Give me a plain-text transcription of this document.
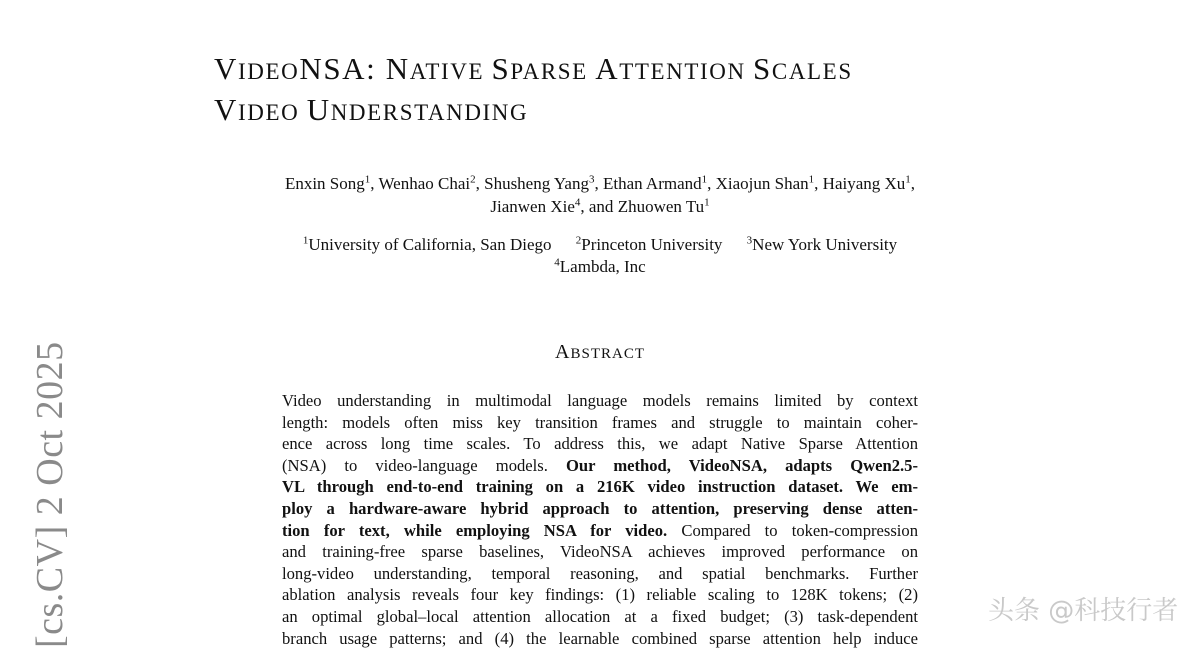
VIDEONSA: NATIVE SPARSE ATTENTION SCALES
VIDEO UNDERSTANDING
Enxin Song$^1$, Wenhao Chai$^2$, Shusheng Yang$^3$, Ethan Armand$^1$, Xiaojun Shan$^1$, Haiyang Xu$^1$,
Jianwen Xie$^4$, and Zhuowen Tu$^1$
$^1$University of California, San Diego $^2$Princeton University $^3$New York University
$^4$Lambda, Inc
ABSTRACT
Video understanding in multimodal language models remains limited by context
length: models often miss key transition frames and struggle to maintain coher-
ence across long time scales. To address this, we adapt Native Sparse Attention
(NSA) to video-language models. Our method, VideoNSA, adapts Qwen2.5-
VL through end-to-end training on a 216K video instruction dataset. We em-
ploy a hardware-aware hybrid approach to attention, preserving dense atten-
tion for text, while employing NSA for video. Compared to token-compression
and training-free sparse baselines, VideoNSA achieves improved performance on
long-video understanding, temporal reasoning, and spatial benchmarks. Further
ablation analysis reveals four key findings: (1) reliable scaling to 128K tokens; (2)
an optimal global–local attention allocation at a fixed budget; (3) task-dependent
branch usage patterns; and (4) the learnable combined sparse attention help induce
[cs.CV] 2 Oct 2025	头条 @科技行者
